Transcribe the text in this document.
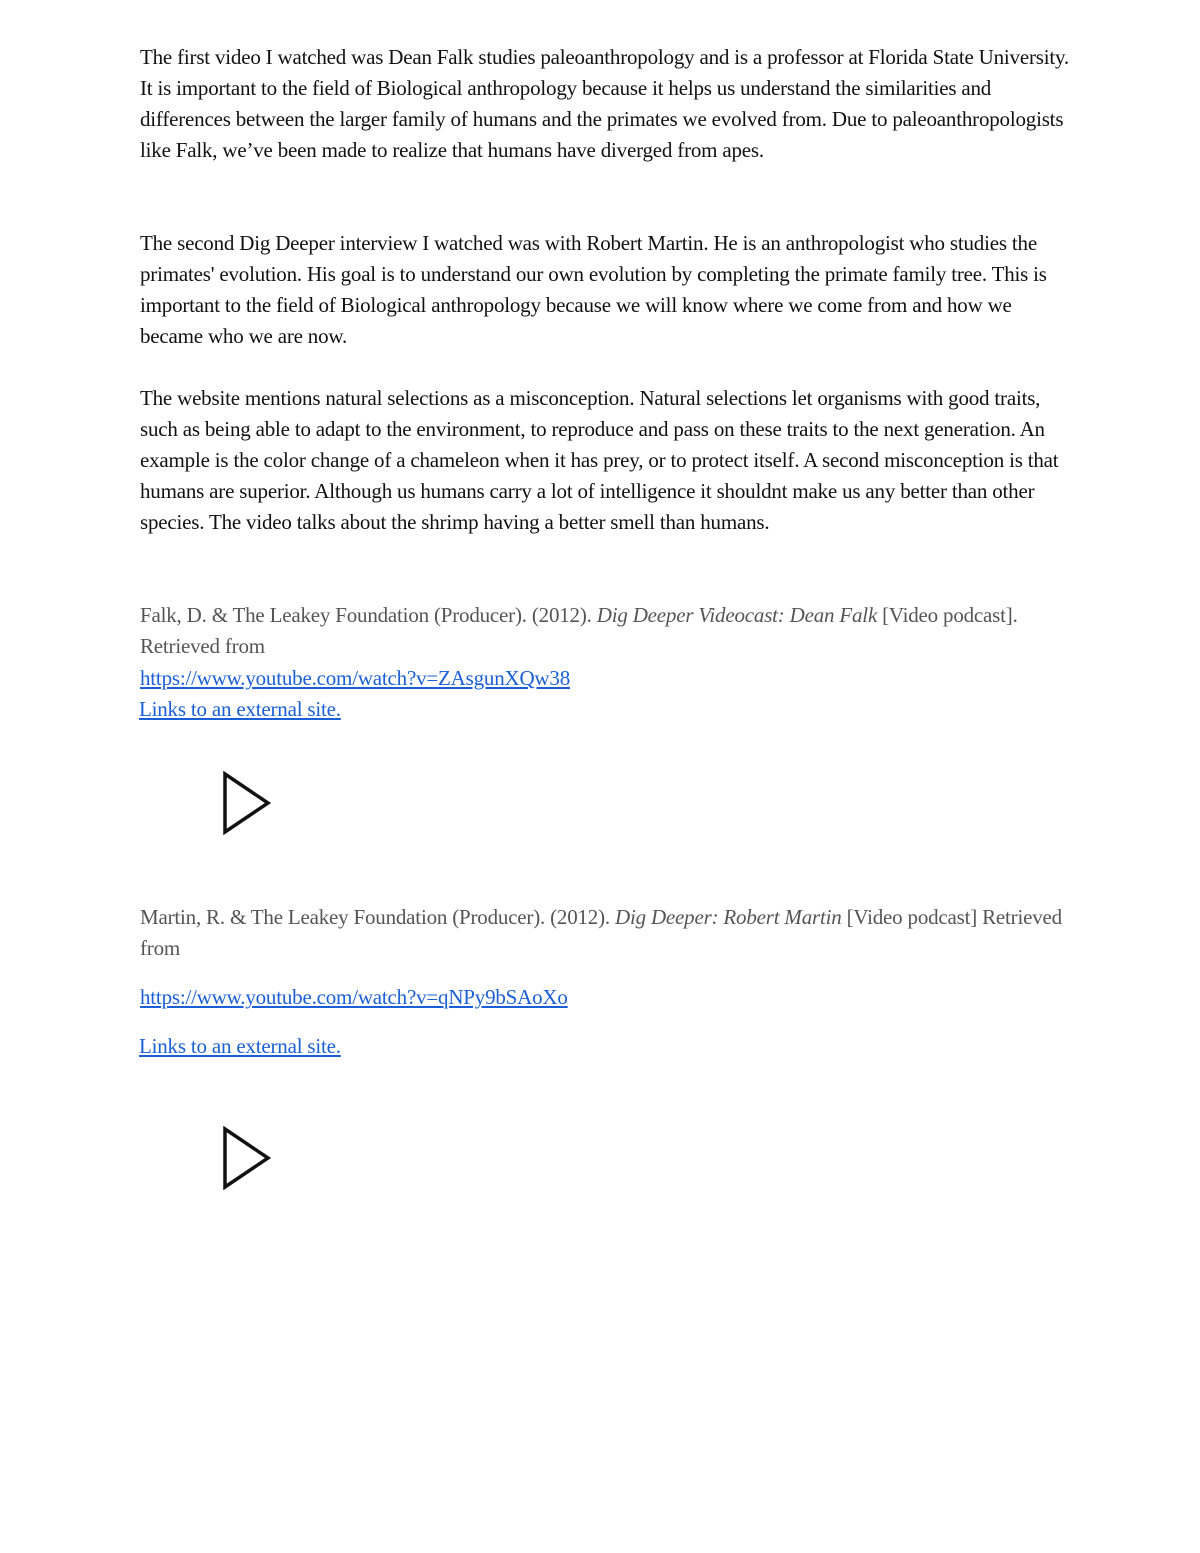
The first video I watched was Dean Falk studies paleoanthropology and is a professor at Florida State University. It is important to the field of Biological anthropology because it helps us understand the similarities and differences between the larger family of humans and the primates we evolved from. Due to paleoanthropologists like Falk, we’ve been made to realize that humans have diverged from apes.

The second Dig Deeper interview I watched was with Robert Martin. He is an anthropologist who studies the primates' evolution. His goal is to understand our own evolution by completing the primate family tree. This is important to the field of Biological anthropology because we will know where we come from and how we became who we are now.

The website mentions natural selections as a misconception. Natural selections let organisms with good traits, such as being able to adapt to the environment, to reproduce and pass on these traits to the next generation. An example is the color change of a chameleon when it has prey, or to protect itself. A second misconception is that humans are superior. Although us humans carry a lot of intelligence it shouldnt make us any better than other species. The video talks about the shrimp having a better smell than humans.

Falk, D. & The Leakey Foundation (Producer). (2012). Dig Deeper Videocast: Dean Falk [Video podcast]. Retrieved from

https://www.youtube.com/watch?v=ZAsgunXQw38
Links to an external site.

Martin, R. & The Leakey Foundation (Producer). (2012). Dig Deeper: Robert Martin [Video podcast] Retrieved from

https://www.youtube.com/watch?v=qNPy9bSAoXo
Links to an external site.
